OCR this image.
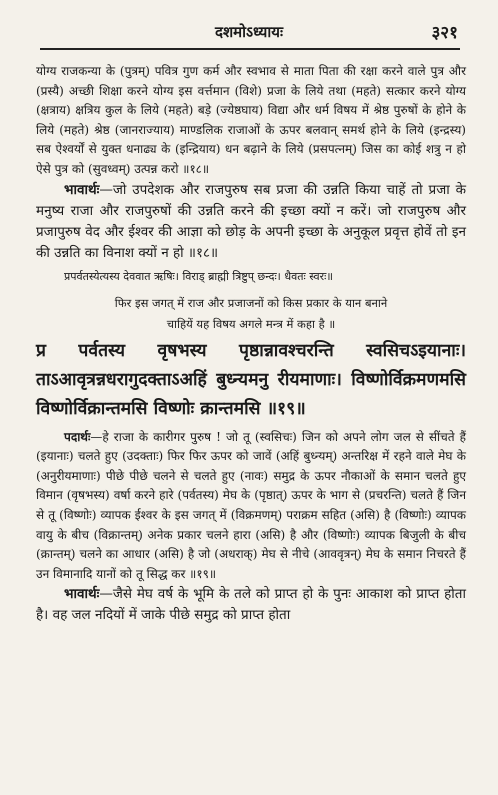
दशमोऽध्यायः	३२१

योग्य राजकन्या के (पुत्रम्) पवित्र गुण कर्म और स्वभाव से माता पिता की रक्षा करने वाले पुत्र और (प्रस्यै) अच्छी शिक्षा करने योग्य इस वर्त्तमान (विशे) प्रजा के लिये तथा (महते) सत्कार करने योग्य (क्षत्राय) क्षत्रिय कुल के लिये (महते) बड़े (ज्येष्ठघाय) विद्या और धर्म विषय में श्रेष्ठ पुरुषों के होने के लिये (महते) श्रेष्ठ (जानराज्याय) माण्डलिक राजाओं के ऊपर बलवान् समर्थ होने के लिये (इन्द्रस्य) सब ऐश्वर्यों से युक्त धनाढ्य के (इन्द्रियाय) धन बढ़ाने के लिये (प्रसपत्नम्) जिस का कोई शत्रु न हो ऐसे पुत्र को (सुवध्वम्) उत्पन्न करो ॥१८॥

भावार्थः—जो उपदेशक और राजपुरुष सब प्रजा की उन्नति किया चाहें तो प्रजा के मनुष्य राजा और राजपुरुषों की उन्नति करने की इच्छा क्यों न करें। जो राजपुरुष और प्रजापुरुष वेद और ईश्वर की आज्ञा को छोड़ के अपनी इच्छा के अनुकूल प्रवृत्त होवें तो इन की उन्नति का विनाश क्यों न हो ॥१८॥

प्रपर्वतस्येत्यस्य देववात ऋषिः। विराड् ब्राह्मी त्रिष्टुप् छन्दः। धैवतः स्वरः॥

फिर इस जगत् में राज और प्रजाजनों को किस प्रकार के यान बनाने
चाहियें यह विषय अगले मन्त्र में कहा है ॥

प्र पर्वतस्य वृषभस्य पृष्ठान्नावश्चरन्ति स्वसिचऽइयानाः। ताऽआवृत्रन्नधरागुदक्ताऽअहिं बुध्न्यमनु रीयमाणाः। विष्णोर्विक्रमणमसि विष्णोर्विक्रान्तमसि विष्णोः क्रान्तमसि ॥१९॥

पदार्थः—हे राजा के कारीगर पुरुष ! जो तू (स्वसिचः) जिन को अपने लोग जल से सींचते हैं (इयानाः) चलते हुए (उदक्ताः) फिर फिर ऊपर को जावें (अहिं बुध्न्यम्) अन्तरिक्ष में रहने वाले मेघ के (अनुरीयमाणाः) पीछे पीछे चलने से चलते हुए (नावः) समुद्र के ऊपर नौकाओं के समान चलते हुए विमान (वृषभस्य) वर्षा करने हारे (पर्वतस्य) मेघ के (पृष्ठात्) ऊपर के भाग से (प्रचरन्ति) चलते हैं जिन से तू (विष्णोः) व्यापक ईश्वर के इस जगत् में (विक्रमणम्) पराक्रम सहित (असि) है (विष्णोः) व्यापक वायु के बीच (विक्रान्तम्) अनेक प्रकार चलने हारा (असि) है और (विष्णोः) व्यापक बिजुली के बीच (क्रान्तम्) चलने का आधार (असि) है जो (अधराक्) मेघ से नीचे (आववृत्रन्) मेघ के समान निचरते हैं उन विमानादि यानों को तू सिद्ध कर ॥१९॥

भावार्थः—जैसे मेघ वर्ष के भूमि के तले को प्राप्त हो के पुनः आकाश को प्राप्त होता है। वह जल नदियों में जाके पीछे समुद्र को प्राप्त होता
